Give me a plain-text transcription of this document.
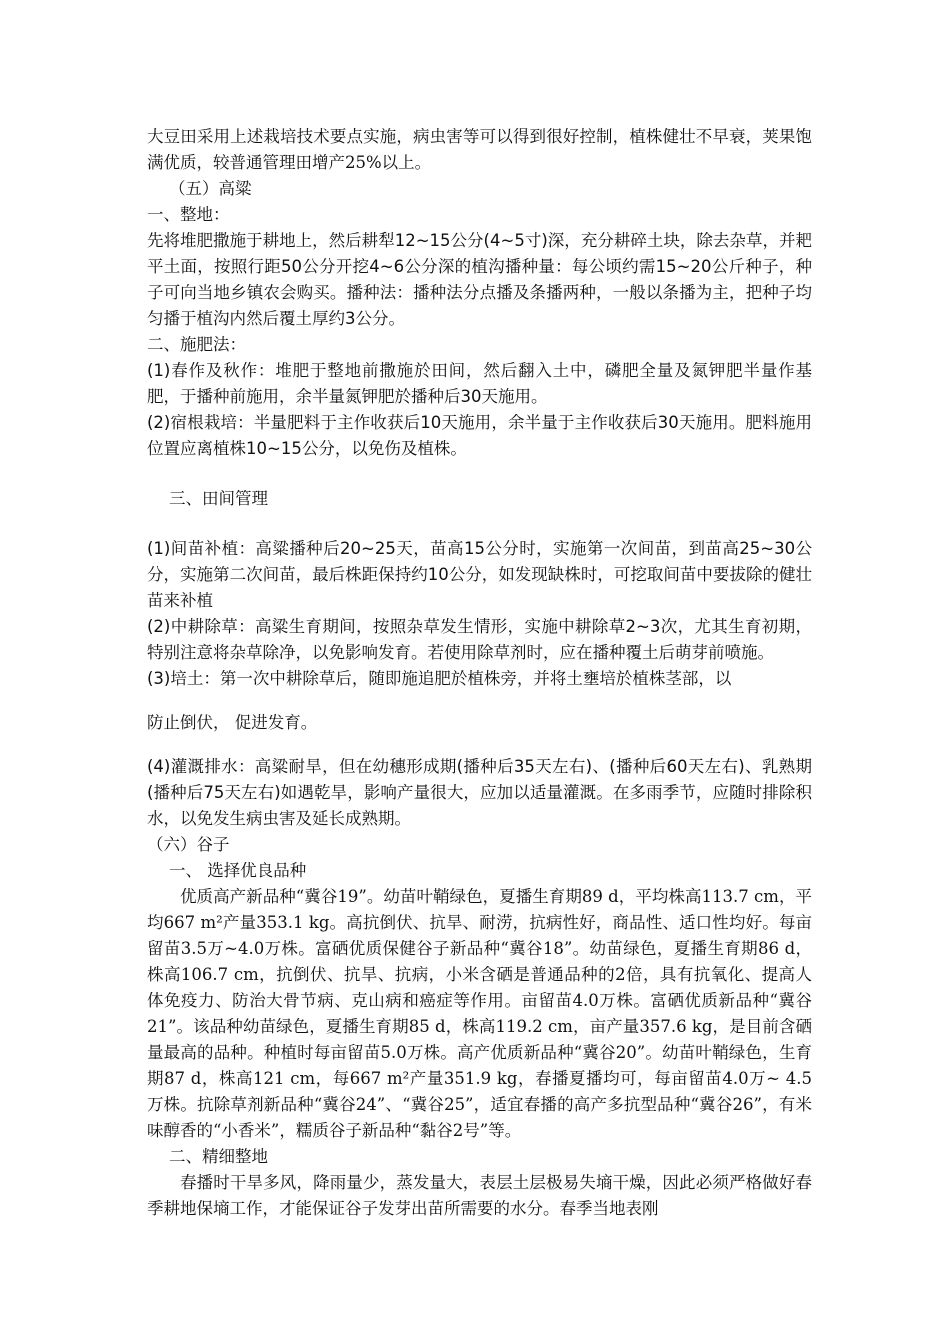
大豆田采用上述栽培技术要点实施，病虫害等可以得到很好控制，植株健壮不早衰，荚果饱满优质，较普通管理田增产25%以上。

（五）高粱

一、整地：

先将堆肥撒施于耕地上，然后耕犁12~15公分(4~5寸)深，充分耕碎土块，除去杂草，并耙平土面，按照行距50公分开挖4~6公分深的植沟播种量：每公顷约需15~20公斤种子，种子可向当地乡镇农会购买。播种法：播种法分点播及条播两种，一般以条播为主，把种子均匀播于植沟内然后覆土厚约3公分。

二、施肥法：

(1)春作及秋作：堆肥于整地前撒施於田间，然后翻入土中，磷肥全量及氮钾肥半量作基肥，于播种前施用，余半量氮钾肥於播种后30天施用。

(2)宿根栽培：半量肥料于主作收获后10天施用，余半量于主作收获后30天施用。肥料施用位置应离植株10~15公分，以免伤及植株。

三、田间管理

(1)间苗补植：高粱播种后20~25天，苗高15公分时，实施第一次间苗，到苗高25~30公分，实施第二次间苗，最后株距保持约10公分，如发现缺株时，可挖取间苗中要拔除的健壮苗来补植

(2)中耕除草：高粱生育期间，按照杂草发生情形，实施中耕除草2~3次，尤其生育初期，特别注意将杂草除净，以免影响发育。若使用除草剂时，应在播种覆土后萌芽前喷施。

(3)培土：第一次中耕除草后，随即施追肥於植株旁，并将土壅培於植株茎部，以

防止倒伏， 促进发育。

(4)灌溉排水：高粱耐旱，但在幼穗形成期(播种后35天左右)、(播种后60天左右)、乳熟期(播种后75天左右)如遇乾旱，影响产量很大，应加以适量灌溉。在多雨季节，应随时排除积水，以免发生病虫害及延长成熟期。

（六）谷子

一、 选择优良品种

优质高产新品种“冀谷19”。幼苗叶鞘绿色，夏播生育期89 d，平均株高113.7 cm，平均667 m²产量353.1 kg。高抗倒伏、抗旱、耐涝，抗病性好，商品性、适口性均好。每亩留苗3.5万~4.0万株。富硒优质保健谷子新品种“冀谷18”。幼苗绿色，夏播生育期86 d，株高106.7 cm，抗倒伏、抗旱、抗病，小米含硒是普通品种的2倍，具有抗氧化、提高人体免疫力、防治大骨节病、克山病和癌症等作用。亩留苗4.0万株。富硒优质新品种“冀谷21”。该品种幼苗绿色，夏播生育期85 d，株高119.2 cm，亩产量357.6 kg，是目前含硒量最高的品种。种植时每亩留苗5.0万株。高产优质新品种“冀谷20”。幼苗叶鞘绿色，生育期87 d，株高121 cm，每667 m²产量351.9 kg，春播夏播均可，每亩留苗4.0万~ 4.5万株。抗除草剂新品种“冀谷24”、“冀谷25”，适宜春播的高产多抗型品种“冀谷26”，有米味醇香的“小香米”，糯质谷子新品种“黏谷2号”等。

二、精细整地

春播时干旱多风，降雨量少，蒸发量大，表层土层极易失墒干燥，因此必须严格做好春季耕地保墒工作，才能保证谷子发芽出苗所需要的水分。春季当地表刚
